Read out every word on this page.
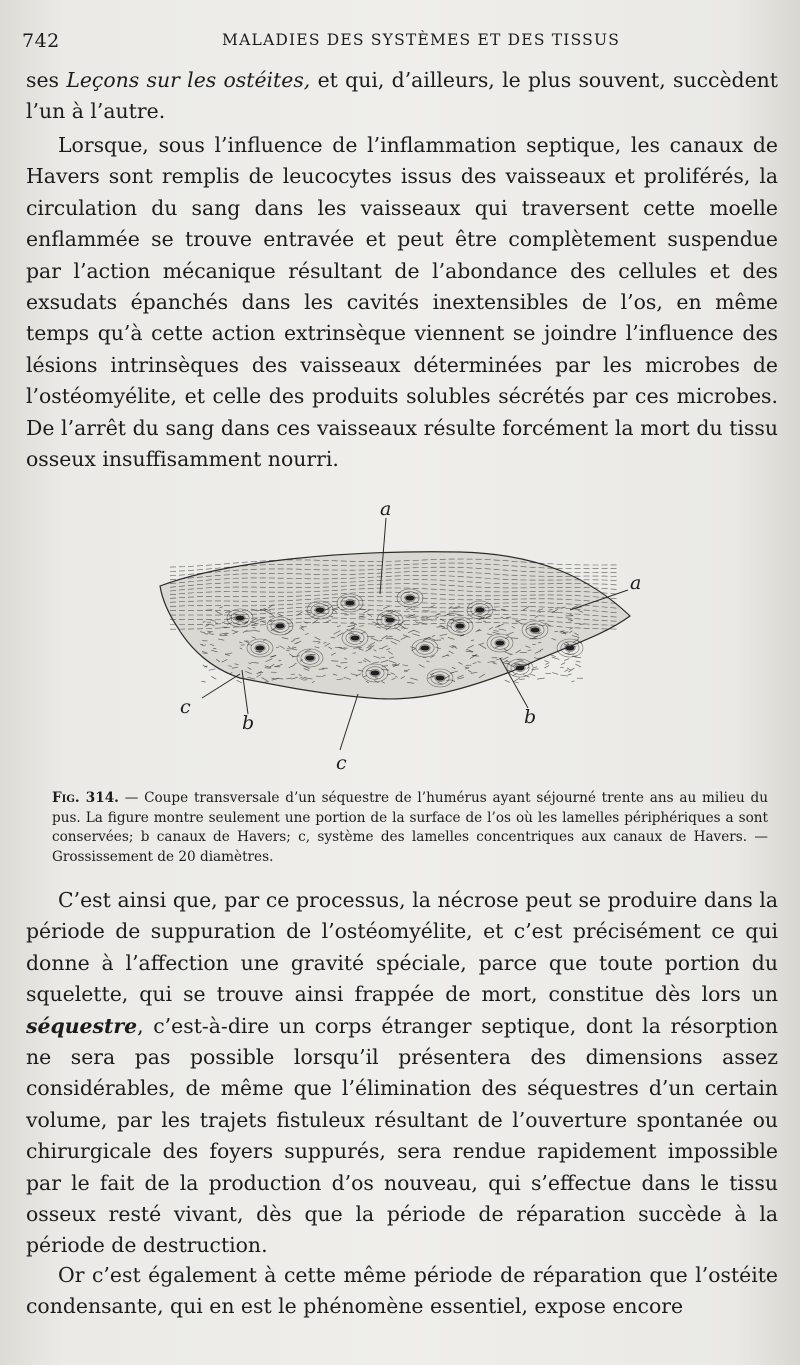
742	MALADIES DES SYSTÈMES ET DES TISSUS

ses Leçons sur les ostéites, et qui, d’ailleurs, le plus souvent, succèdent l’un à l’autre.

Lorsque, sous l’influence de l’inflammation septique, les canaux de Havers sont remplis de leucocytes issus des vaisseaux et proliférés, la circulation du sang dans les vaisseaux qui traversent cette moelle enflammée se trouve entravée et peut être complètement suspendue par l’action mécanique résultant de l’abondance des cellules et des exsudats épanchés dans les cavités inextensibles de l’os, en même temps qu’à cette action extrinsèque viennent se joindre l’influence des lésions intrinsèques des vaisseaux déterminées par les microbes de l’ostéomyélite, et celle des produits solubles sécrétés par ces microbes. De l’arrêt du sang dans ces vaisseaux résulte forcément la mort du tissu osseux insuffisamment nourri.

a
a
c
b	b
c

Fig. 314. — Coupe transversale d’un séquestre de l’humérus ayant séjourné trente ans au milieu du pus. La figure montre seulement une portion de la surface de l’os où les lamelles périphériques a sont conservées; b canaux de Havers; c, système des lamelles concentriques aux canaux de Havers. — Grossissement de 20 diamètres.

C’est ainsi que, par ce processus, la nécrose peut se produire dans la période de suppuration de l’ostéomyélite, et c’est précisément ce qui donne à l’affection une gravité spéciale, parce que toute portion du squelette, qui se trouve ainsi frappée de mort, constitue dès lors un séquestre, c’est-à-dire un corps étranger septique, dont la résorption ne sera pas possible lorsqu’il présentera des dimensions assez considérables, de même que l’élimination des séquestres d’un certain volume, par les trajets fistuleux résultant de l’ouverture spontanée ou chirurgicale des foyers suppurés, sera rendue rapidement impossible par le fait de la production d’os nouveau, qui s’effectue dans le tissu osseux resté vivant, dès que la période de réparation succède à la période de destruction.

Or c’est également à cette même période de réparation que l’ostéite condensante, qui en est le phénomène essentiel, expose encore
